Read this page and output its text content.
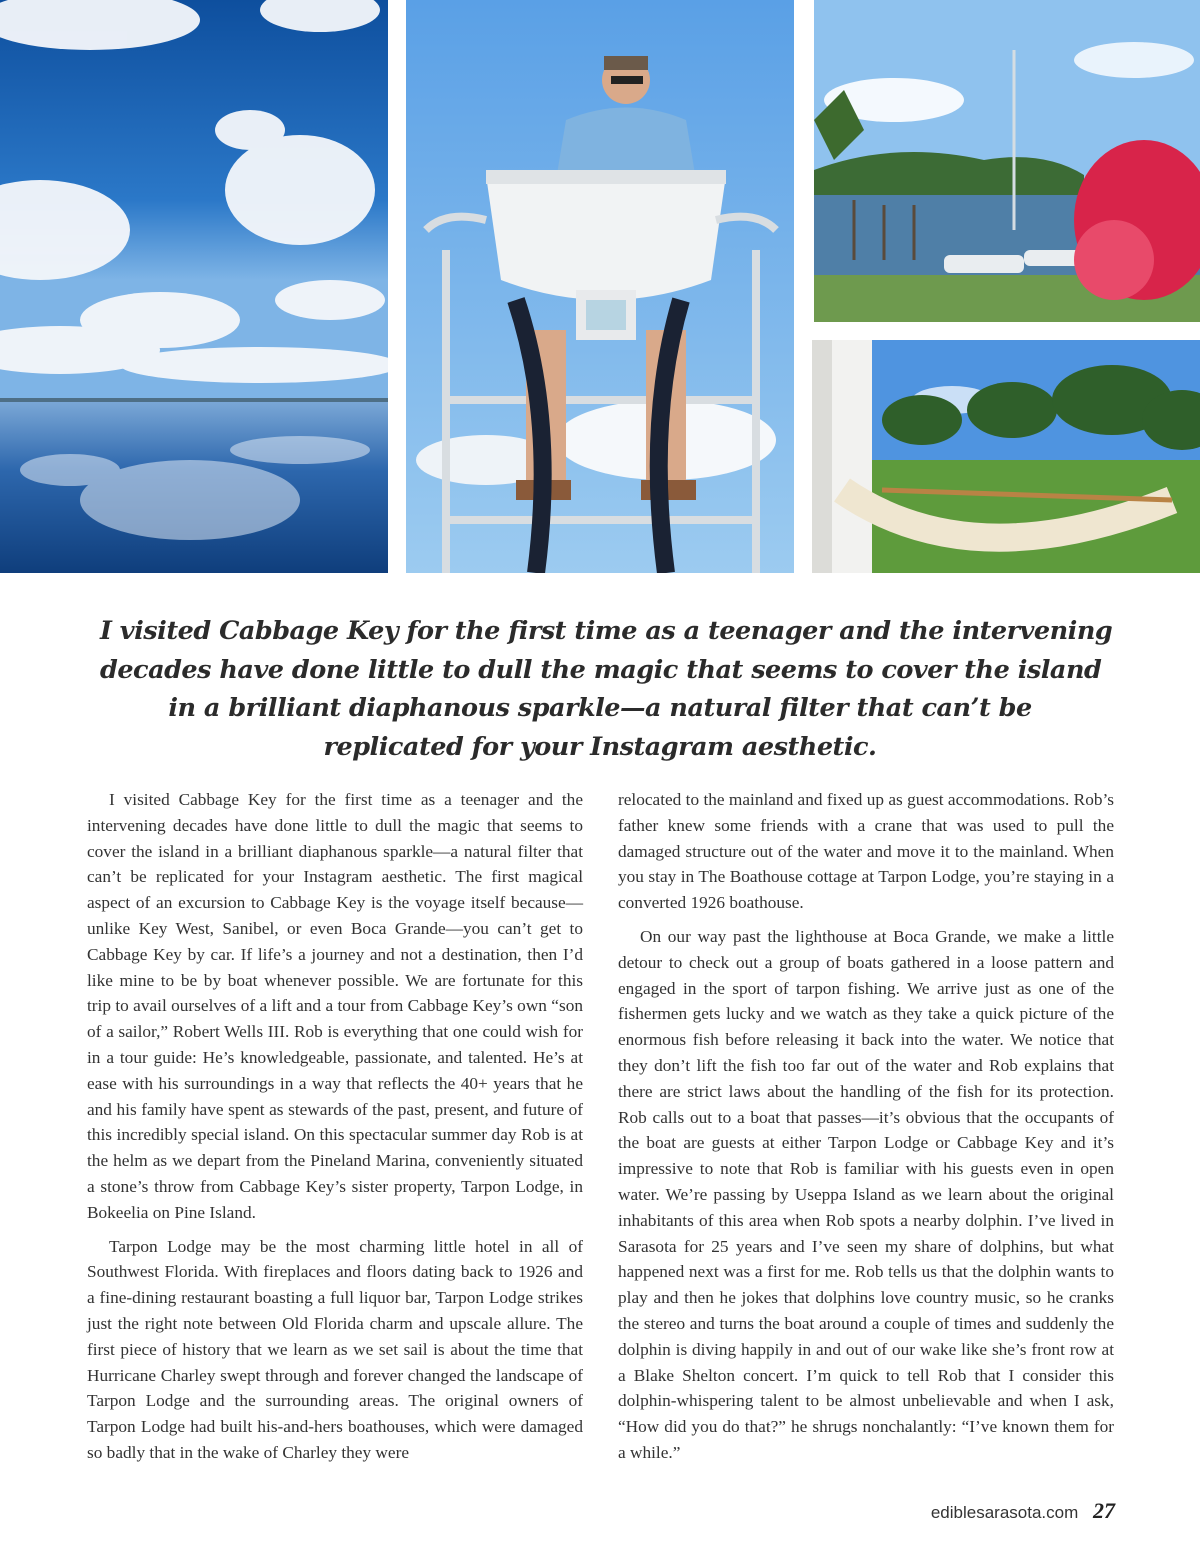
I visited Cabbage Key for the first time as a teenager and the intervening
decades have done little to dull the magic that seems to cover the island
in a brilliant diaphanous sparkle—a natural filter that can’t be
replicated for your Instagram aesthetic.

I visited Cabbage Key for the first time as a teenager and the intervening decades have done little to dull the magic that seems to cover the island in a brilliant diaphanous sparkle—a natural filter that can’t be replicated for your Instagram aesthetic. The first magical aspect of an excursion to Cabbage Key is the voyage itself because—unlike Key West, Sanibel, or even Boca Grande—you can’t get to Cabbage Key by car. If life’s a journey and not a destination, then I’d like mine to be by boat whenever possible. We are fortunate for this trip to avail ourselves of a lift and a tour from Cabbage Key’s own “son of a sailor,” Robert Wells III. Rob is everything that one could wish for in a tour guide: He’s knowledgeable, passionate, and talented. He’s at ease with his surroundings in a way that reflects the 40+ years that he and his family have spent as stewards of the past, present, and future of this incredibly special island. On this spectacular summer day Rob is at the helm as we depart from the Pineland Marina, conveniently situated a stone’s throw from Cabbage Key’s sister property, Tarpon Lodge, in Bokeelia on Pine Island.

Tarpon Lodge may be the most charming little hotel in all of Southwest Florida. With fireplaces and floors dating back to 1926 and a fine-dining restaurant boasting a full liquor bar, Tarpon Lodge strikes just the right note between Old Florida charm and upscale allure. The first piece of history that we learn as we set sail is about the time that Hurricane Charley swept through and forever changed the landscape of Tarpon Lodge and the surrounding areas. The original owners of Tarpon Lodge had built his-and-hers boathouses, which were damaged so badly that in the wake of Charley they were

relocated to the mainland and fixed up as guest accommodations. Rob’s father knew some friends with a crane that was used to pull the damaged structure out of the water and move it to the mainland. When you stay in The Boathouse cottage at Tarpon Lodge, you’re staying in a converted 1926 boathouse.

On our way past the lighthouse at Boca Grande, we make a little detour to check out a group of boats gathered in a loose pattern and engaged in the sport of tarpon fishing. We arrive just as one of the fishermen gets lucky and we watch as they take a quick picture of the enormous fish before releasing it back into the water. We notice that they don’t lift the fish too far out of the water and Rob explains that there are strict laws about the handling of the fish for its protection. Rob calls out to a boat that passes—it’s obvious that the occupants of the boat are guests at either Tarpon Lodge or Cabbage Key and it’s impressive to note that Rob is familiar with his guests even in open water. We’re passing by Useppa Island as we learn about the original inhabitants of this area when Rob spots a nearby dolphin. I’ve lived in Sarasota for 25 years and I’ve seen my share of dolphins, but what happened next was a first for me. Rob tells us that the dolphin wants to play and then he jokes that dolphins love country music, so he cranks the stereo and turns the boat around a couple of times and suddenly the dolphin is diving happily in and out of our wake like she’s front row at a Blake Shelton concert. I’m quick to tell Rob that I consider this dolphin-whispering talent to be almost unbelievable and when I ask, “How did you do that?” he shrugs nonchalantly: “I’ve known them for a while.”

ediblesarasota.com 27
